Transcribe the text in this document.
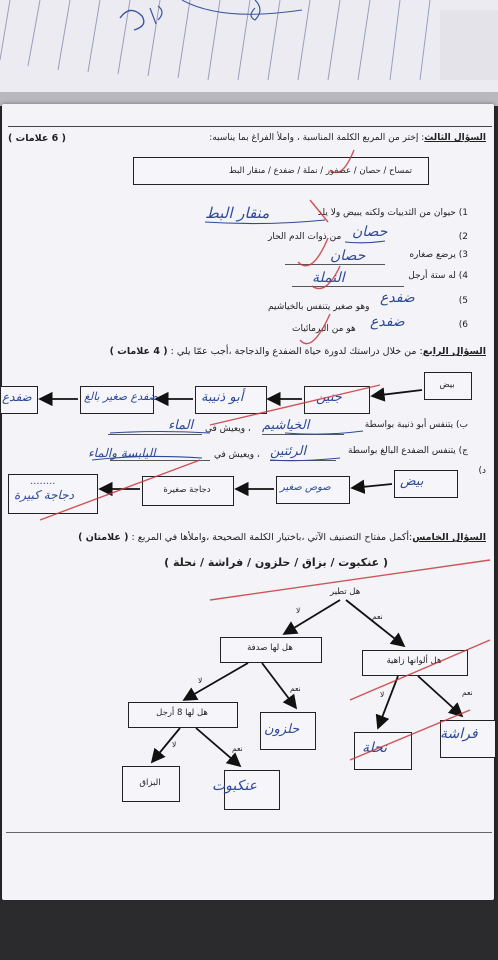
( 6 علامات )	السؤال الثالث: إختر من المربع الكلمة المناسبة ، واملأ الفراغ بما يناسبه:
تمساح / حصان / عصفور / نملة / ضفدع / منقار البط
1) حيوان من الثدييات ولكنه يبيض ولا يلد
منقار البط
2)
حصان
من ذوات الدم الحار
3) يرضع صغاره
حصان
4) له ستة أرجل
النملة
5)
ضفدع
وهو صغير يتنفس بالخياشيم
6)
ضفدع
هو من البرمائيات
السؤال الرابع: من خلال دراستك لدورة حياة الضفدع والدجاجة ،أجب عمّا يلي : ( 4 علامات )
بيض
جنين
أبو ذنيبة
ضفدع صغير بالغ
ضفدع
ب) يتنفس أبو ذنيبة بواسطة
الخياشيم
، ويعيش في
الماء
ج) يتنفس الضفدع البالغ بواسطة
الرئتين
، ويعيش في
اليابسة والماء
د)
بيض
صوص صغير
دجاجة صغيرة
........
دجاجة كبيرة
السؤال الخامس:أكمل مفتاح التصنيف الآتي ،باختيار الكلمة الصحيحة ،واملأها في المربع : ( علامتان )
( عنكبوت / بزاق / حلزون / فراشة / نحلة )
هل تطير
نعم
لا
هل لها صدفة
هل ألوانها زاهية
لا
نعم
لا	نعم
هل لها 8 أرجل
حلزون
نحلة
فراشة
لا	نعم
البزاق	عنكبوت
